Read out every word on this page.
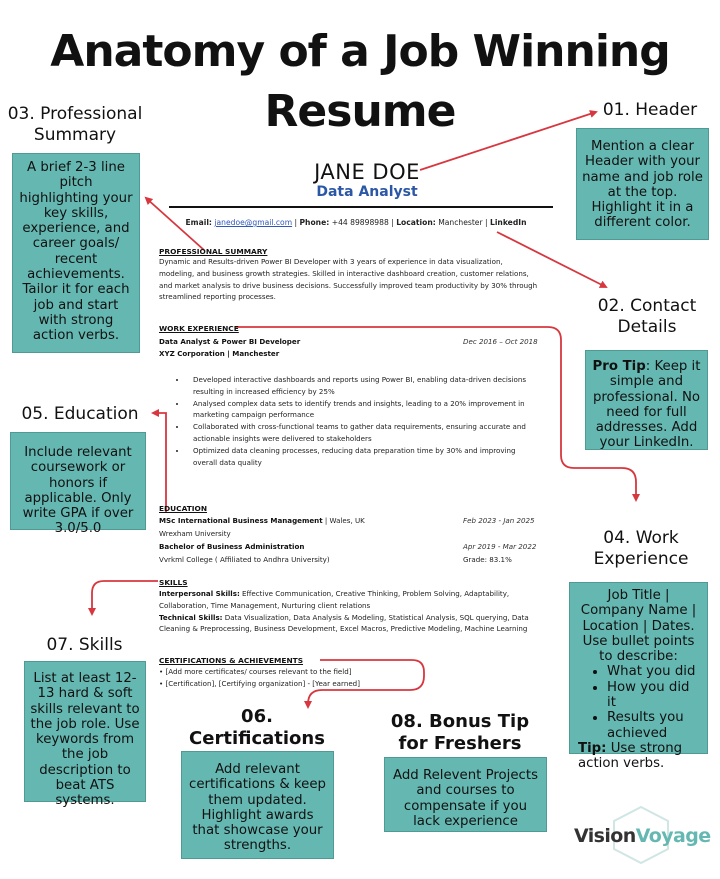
Anatomy of a Job Winning
Resume
03. Professional
Summary
01. Header
02. Contact
Details
05. Education
04. Work
Experience
07. Skills
06.
Certifications
08. Bonus Tip
for Freshers
A brief 2-3 line pitch highlighting your key skills, experience, and career goals/ recent achievements. Tailor it for each job and start with strong action verbs.
Mention a clear Header with your name and job role at the top. Highlight it in a different color.
Pro Tip: Keep it simple and professional. No need for full addresses. Add your LinkedIn.
Include relevant coursework or honors if applicable. Only write GPA if over 3.0/5.0
Job Title | Company Name | Location | Dates. Use bullet points to describe:
• What you did
• How you did it
• Results you achieved
Tip: Use strong action verbs.
List at least 12-13 hard & soft skills relevant to the job role. Use keywords from the job description to beat ATS systems.
Add relevant certifications & keep them updated. Highlight awards that showcase your strengths.
Add Relevent Projects and courses to compensate if you lack experience
JANE DOE
Data Analyst
Email: janedoe@gmail.com | Phone: +44 89898988 | Location: Manchester | LinkedIn
PROFESSIONAL SUMMARY
Dynamic and Results-driven Power BI Developer with 3 years of experience in data visualization,
modeling, and business growth strategies. Skilled in interactive dashboard creation, customer relations,
and market analysis to drive business decisions. Successfully improved team productivity by 30% through
streamlined reporting processes.
WORK EXPERIENCE
Data Analyst & Power BI Developer	Dec 2016 – Oct 2018
XYZ Corporation | Manchester
• Developed interactive dashboards and reports using Power BI, enabling data-driven decisions
resulting in increased efficiency by 25%
• Analysed complex data sets to identify trends and insights, leading to a 20% improvement in
marketing campaign performance
• Collaborated with cross-functional teams to gather data requirements, ensuring accurate and
actionable insights were delivered to stakeholders
• Optimized data cleaning processes, reducing data preparation time by 30% and improving
overall data quality
EDUCATION
MSc International Business Management | Wales, UK	Feb 2023 - Jan 2025
Wrexham University
Bachelor of Business Administration	Apr 2019 - Mar 2022
Vvrkml College ( Affiliated to Andhra University)	Grade: 83.1%
SKILLS
Interpersonal Skills: Effective Communication, Creative Thinking, Problem Solving, Adaptability,
Collaboration, Time Management, Nurturing client relations
Technical Skills: Data Visualization, Data Analysis & Modeling, Statistical Analysis, SQL querying, Data
Cleaning & Preprocessing, Business Development, Excel Macros, Predictive Modeling, Machine Learning
CERTIFICATIONS & ACHIEVEMENTS
• [Add more certificates/ courses relevant to the field]
• [Certification], [Certifying organization] - [Year earned]
VisionVoyage
